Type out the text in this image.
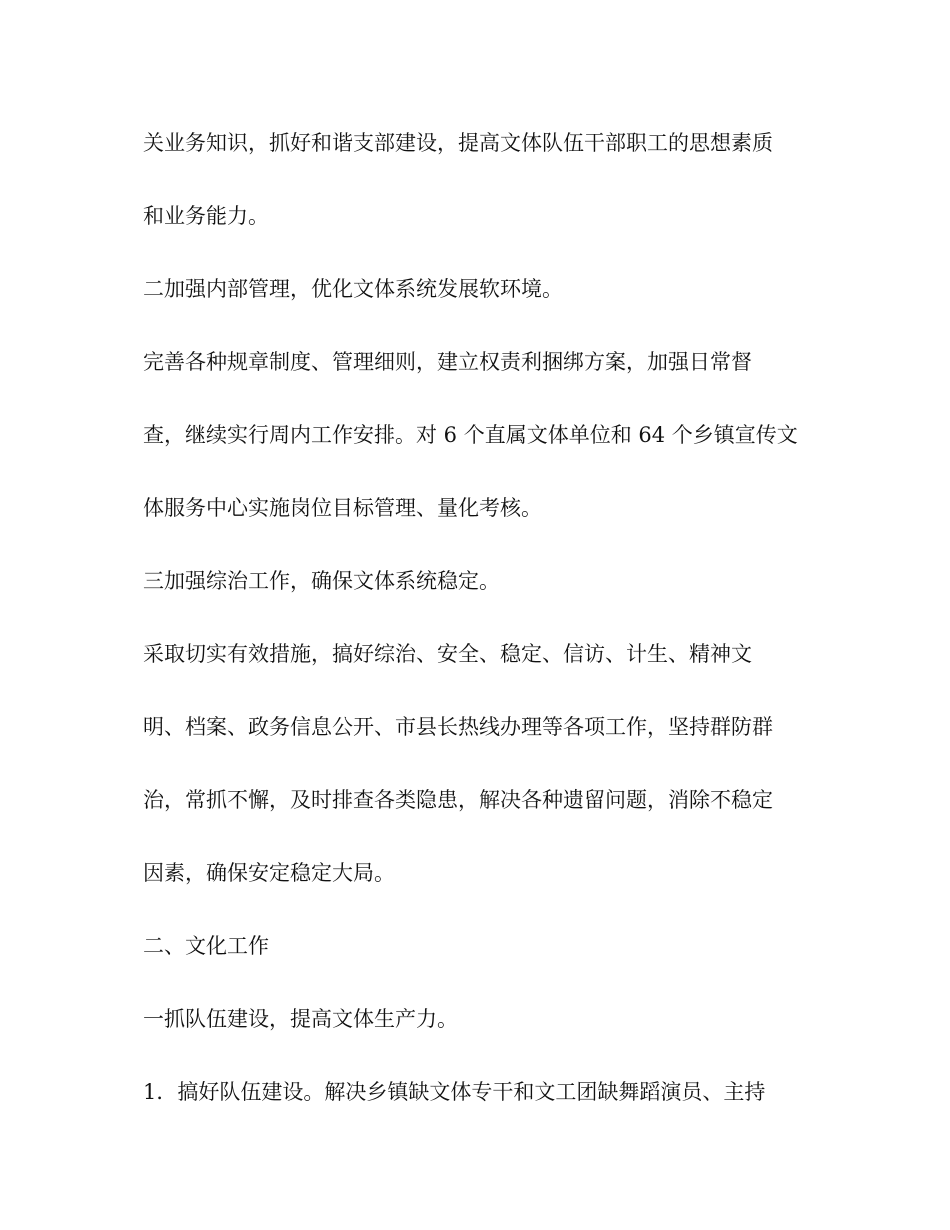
关业务知识，抓好和谐支部建设，提高文体队伍干部职工的思想素质
和业务能力。
二加强内部管理，优化文体系统发展软环境。
完善各种规章制度、管理细则，建立权责利捆绑方案，加强日常督
查，继续实行周内工作安排。对 6 个直属文体单位和 64 个乡镇宣传文
体服务中心实施岗位目标管理、量化考核。
三加强综治工作，确保文体系统稳定。
采取切实有效措施，搞好综治、安全、稳定、信访、计生、精神文
明、档案、政务信息公开、市县长热线办理等各项工作，坚持群防群
治，常抓不懈，及时排查各类隐患，解决各种遗留问题，消除不稳定
因素，确保安定稳定大局。
二、文化工作
一抓队伍建设，提高文体生产力。
1．搞好队伍建设。解决乡镇缺文体专干和文工团缺舞蹈演员、主持
